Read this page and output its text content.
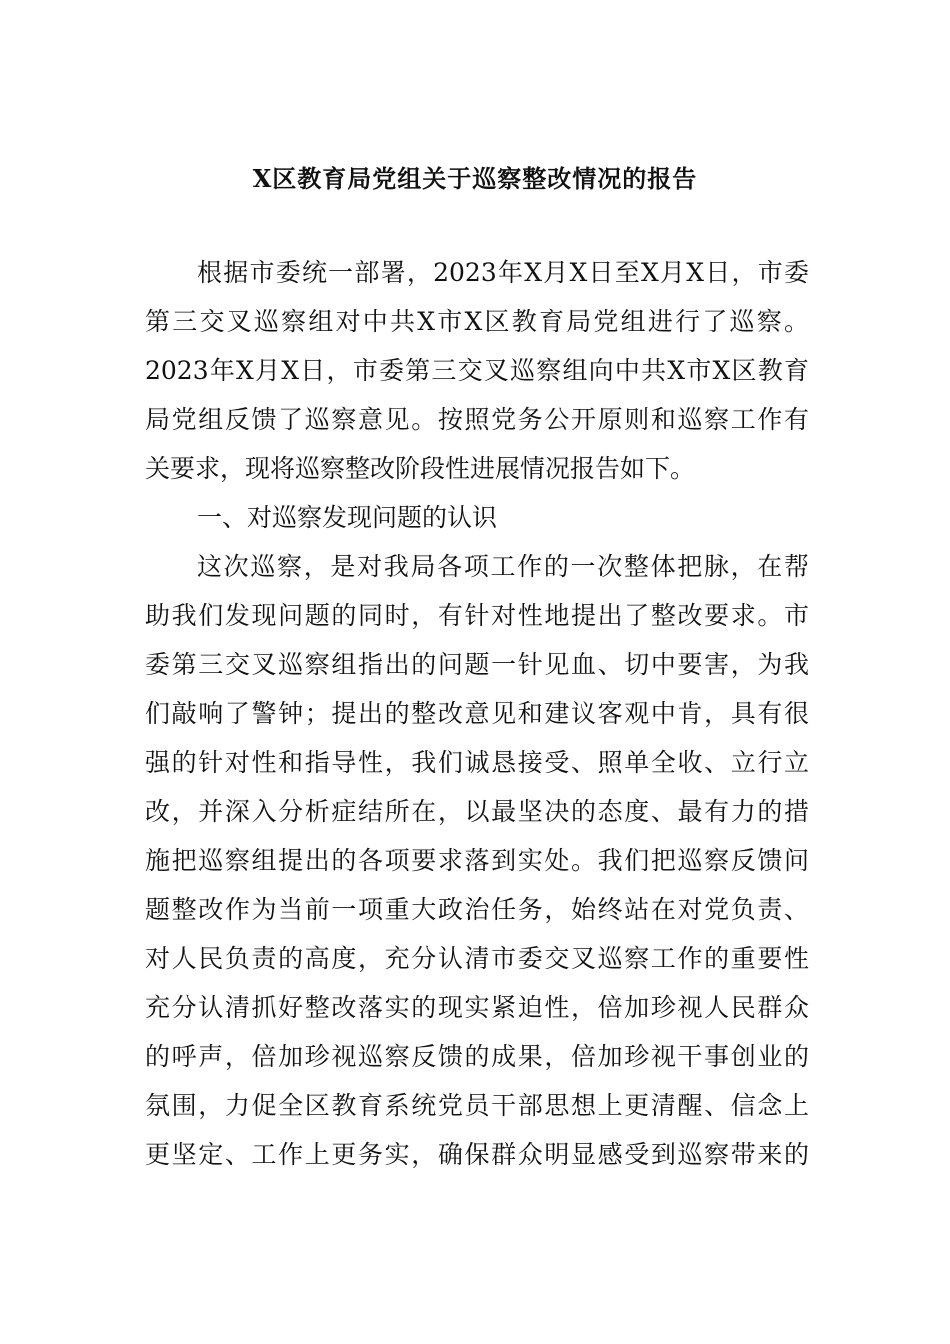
X区教育局党组关于巡察整改情况的报告
根据市委统一部署，2023年X月X日至X月X日，市委
第三交叉巡察组对中共X市X区教育局党组进行了巡察。
2023年X月X日，市委第三交叉巡察组向中共X市X区教育
局党组反馈了巡察意见。按照党务公开原则和巡察工作有
关要求，现将巡察整改阶段性进展情况报告如下。
一、对巡察发现问题的认识
这次巡察，是对我局各项工作的一次整体把脉，在帮
助我们发现问题的同时，有针对性地提出了整改要求。市
委第三交叉巡察组指出的问题一针见血、切中要害，为我
们敲响了警钟；提出的整改意见和建议客观中肯，具有很
强的针对性和指导性，我们诚恳接受、照单全收、立行立
改，并深入分析症结所在，以最坚决的态度、最有力的措
施把巡察组提出的各项要求落到实处。我们把巡察反馈问
题整改作为当前一项重大政治任务，始终站在对党负责、
对人民负责的高度，充分认清市委交叉巡察工作的重要性
充分认清抓好整改落实的现实紧迫性，倍加珍视人民群众
的呼声，倍加珍视巡察反馈的成果，倍加珍视干事创业的
氛围，力促全区教育系统党员干部思想上更清醒、信念上
更坚定、工作上更务实，确保群众明显感受到巡察带来的
